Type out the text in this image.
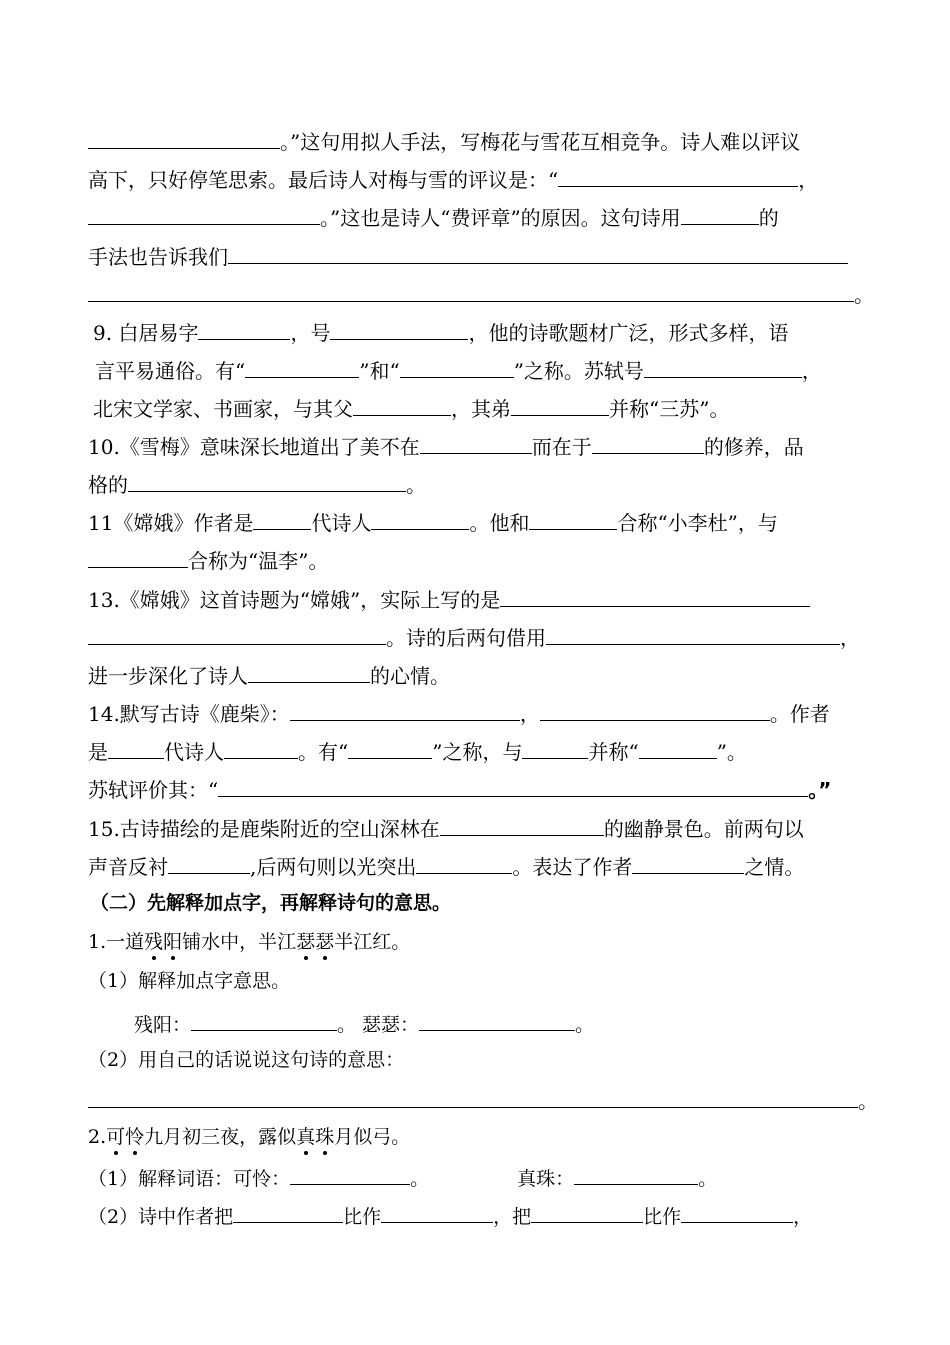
。”这句用拟人手法，写梅花与雪花互相竞争。诗人难以评议
高下，只好停笔思索。最后诗人对梅与雪的评议是：“	，
。”这也是诗人“费评章”的原因。这句诗用	的
手法也告诉我们
。
9. 白居易字	，号	，他的诗歌题材广泛，形式多样，语
言平易通俗。有“	”和“	”之称。苏轼号	，
北宋文学家、书画家，与其父	，其弟	并称“三苏”。
10.《雪梅》意味深长地道出了美不在	而在于	的修养，品
格的	。
11《嫦娥》作者是	代诗人	。他和	合称“小李杜”，与
合称为“温李”。
13.《嫦娥》这首诗题为“嫦娥”，实际上写的是
。诗的后两句借用	，
进一步深化了诗人	的心情。
14.默写古诗《鹿柴》：	，	。作者
是	代诗人	。有“	”之称，与	并称“	”。
苏轼评价其：“	。”
15.古诗描绘的是鹿柴附近的空山深林在	的幽静景色。前两句以
声音反衬	,后两句则以光突出	。表达了作者	之情。
（二）先解释加点字，再解释诗句的意思。
1.一道残阳铺水中，半江瑟瑟半江红。
（1）解释加点字意思。
残阳：	。 瑟瑟：	。
（2）用自己的话说说这句诗的意思：
。
2.可怜九月初三夜，露似真珠月似弓。
（1）解释词语：可怜：	。	真珠：	。
（2）诗中作者把	比作	，把	比作	，
